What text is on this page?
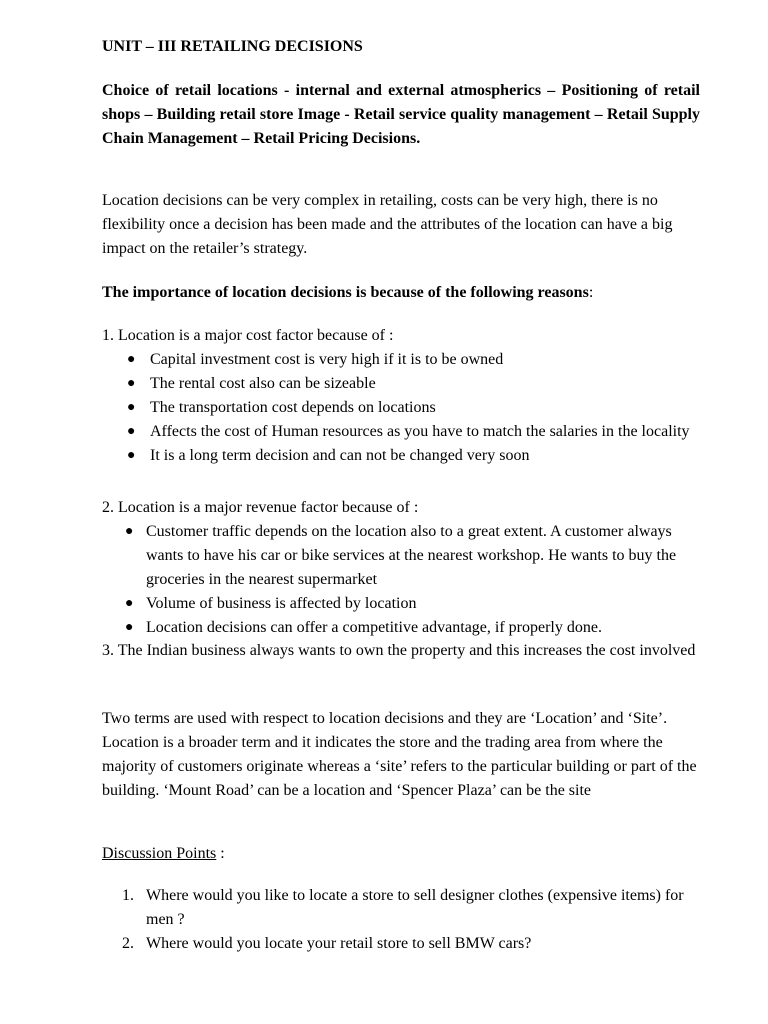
UNIT – III RETAILING DECISIONS

Choice of retail locations - internal and external atmospherics – Positioning of retail shops – Building retail store Image - Retail service quality management – Retail Supply Chain Management – Retail Pricing Decisions.

Location decisions can be very complex in retailing, costs can be very high, there is no flexibility once a decision has been made and the attributes of the location can have a big impact on the retailer’s strategy.

The importance of location decisions is because of the following reasons:

1. Location is a major cost factor because of :

● Capital investment cost is very high if it is to be owned
● The rental cost also can be sizeable
● The transportation cost depends on locations
● Affects the cost of Human resources as you have to match the salaries in the locality
● It is a long term decision and can not be changed very soon

2. Location is a major revenue factor because of :

● Customer traffic depends on the location also to a great extent. A customer always wants to have his car or bike services at the nearest workshop. He wants to buy the groceries in the nearest supermarket
● Volume of business is affected by location
● Location decisions can offer a competitive advantage, if properly done.

3. The Indian business always wants to own the property and this increases the cost involved

Two terms are used with respect to location decisions and they are ‘Location’ and ‘Site’. Location is a broader term and it indicates the store and the trading area from where the majority of customers originate whereas a ‘site’ refers to the particular building or part of the building. ‘Mount Road’ can be a location and ‘Spencer Plaza’ can be the site

Discussion Points :

1. Where would you like to locate a store to sell designer clothes (expensive items) for men ?
2. Where would you locate your retail store to sell BMW cars?
